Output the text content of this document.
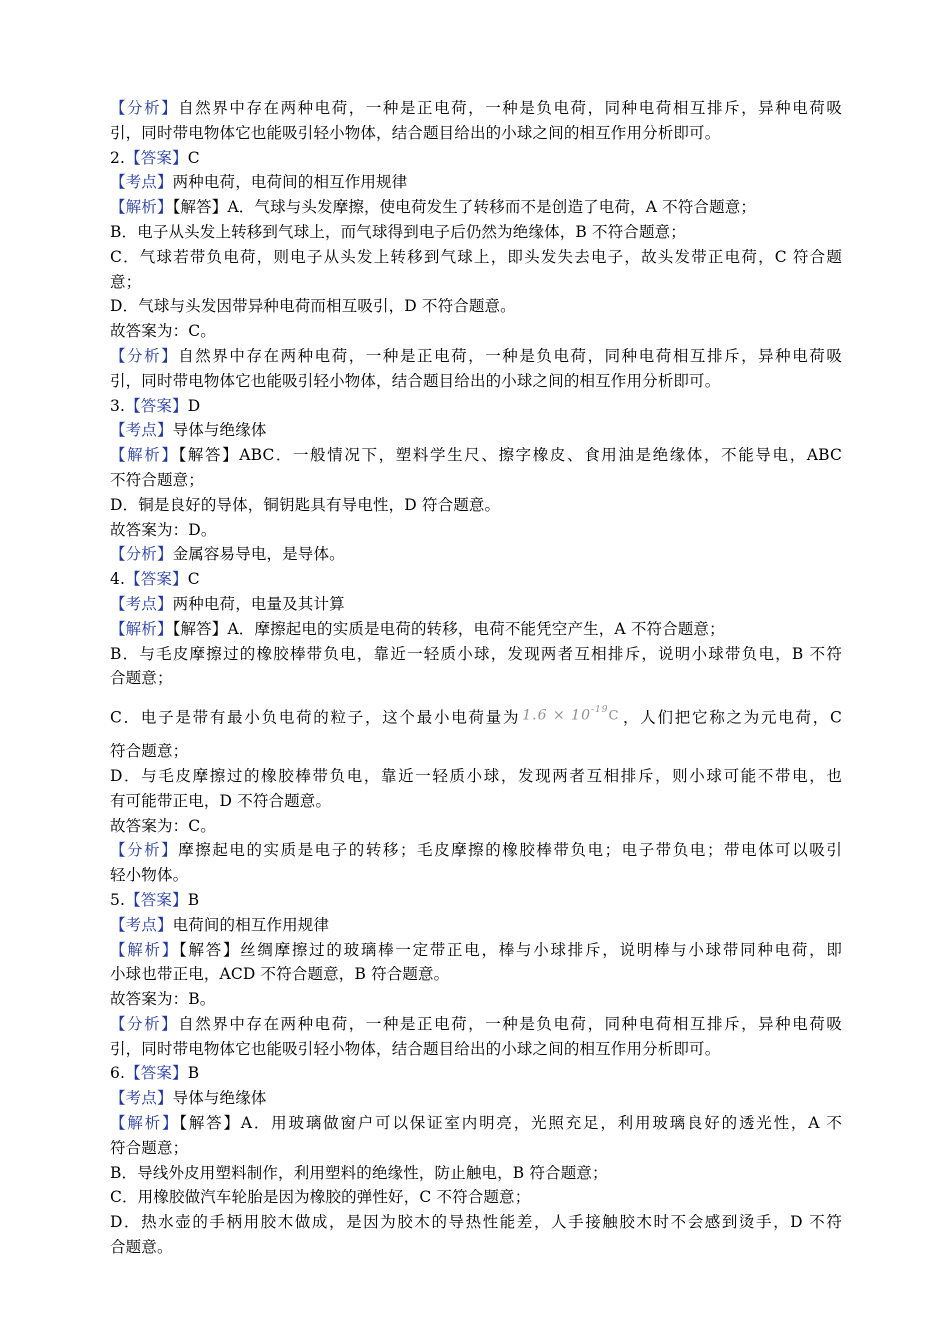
【分析】自然界中存在两种电荷，一种是正电荷，一种是负电荷，同种电荷相互排斥，异种电荷吸
引，同时带电物体它也能吸引轻小物体，结合题目给出的小球之间的相互作用分析即可。
2.【答案】C
【考点】两种电荷，电荷间的相互作用规律
【解析】【解答】A．气球与头发摩擦，使电荷发生了转移而不是创造了电荷，A 不符合题意；
B．电子从头发上转移到气球上，而气球得到电子后仍然为绝缘体，B 不符合题意；
C．气球若带负电荷，则电子从头发上转移到气球上，即头发失去电子，故头发带正电荷，C 符合题
意；
D．气球与头发因带异种电荷而相互吸引，D 不符合题意。
故答案为：C。
【分析】自然界中存在两种电荷，一种是正电荷，一种是负电荷，同种电荷相互排斥，异种电荷吸
引，同时带电物体它也能吸引轻小物体，结合题目给出的小球之间的相互作用分析即可。
3.【答案】D
【考点】导体与绝缘体
【解析】【解答】ABC．一般情况下，塑料学生尺、擦字橡皮、食用油是绝缘体，不能导电，ABC
不符合题意；
D．铜是良好的导体，铜钥匙具有导电性，D 符合题意。
故答案为：D。
【分析】金属容易导电，是导体。
4.【答案】C
【考点】两种电荷，电量及其计算
【解析】【解答】A．摩擦起电的实质是电荷的转移，电荷不能凭空产生，A 不符合题意；
B．与毛皮摩擦过的橡胶棒带负电，靠近一轻质小球，发现两者互相排斥，说明小球带负电，B 不符
合题意；
C．电子是带有最小负电荷的粒子，这个最小电荷量为 $1.6 \times 10^{-19}C$ ，人们把它称之为元电荷，C
符合题意；
D．与毛皮摩擦过的橡胶棒带负电，靠近一轻质小球，发现两者互相排斥，则小球可能不带电，也
有可能带正电，D 不符合题意。
故答案为：C。
【分析】摩擦起电的实质是电子的转移；毛皮摩擦的橡胶棒带负电；电子带负电；带电体可以吸引
轻小物体。
5.【答案】B
【考点】电荷间的相互作用规律
【解析】【解答】丝绸摩擦过的玻璃棒一定带正电，棒与小球排斥，说明棒与小球带同种电荷，即
小球也带正电，ACD 不符合题意，B 符合题意。
故答案为：B。
【分析】自然界中存在两种电荷，一种是正电荷，一种是负电荷，同种电荷相互排斥，异种电荷吸
引，同时带电物体它也能吸引轻小物体，结合题目给出的小球之间的相互作用分析即可。
6.【答案】B
【考点】导体与绝缘体
【解析】【解答】A．用玻璃做窗户可以保证室内明亮，光照充足，利用玻璃良好的透光性，A 不
符合题意；
B．导线外皮用塑料制作，利用塑料的绝缘性，防止触电，B 符合题意；
C．用橡胶做汽车轮胎是因为橡胶的弹性好，C 不符合题意；
D．热水壶的手柄用胶木做成，是因为胶木的导热性能差，人手接触胶木时不会感到烫手，D 不符
合题意。
